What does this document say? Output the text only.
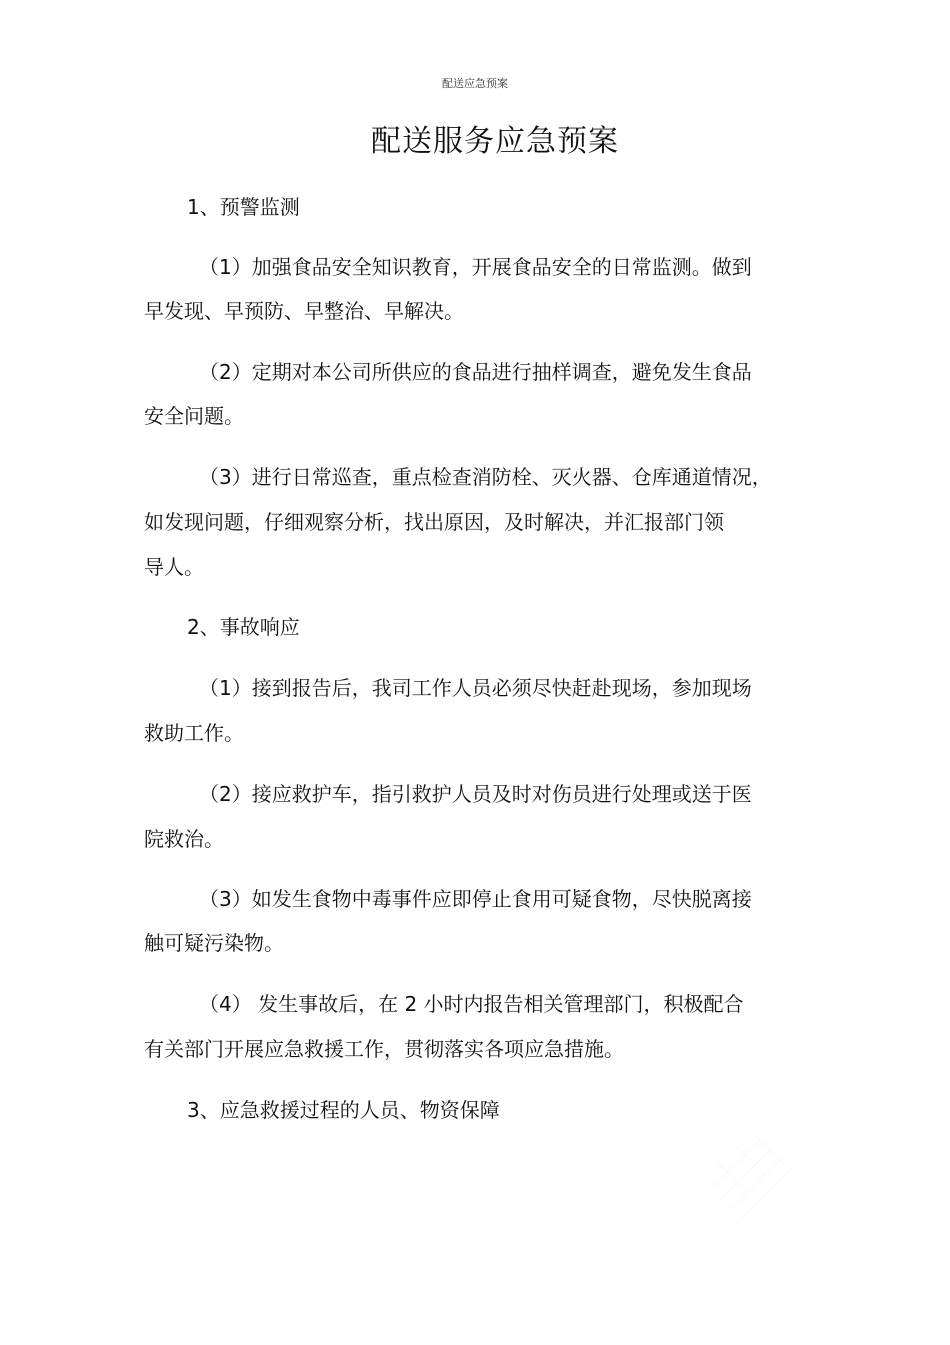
配送应急预案
配送服务应急预案
1、预警监测
（1）加强食品安全知识教育，开展食品安全的日常监测。做到
早发现、早预防、早整治、早解决。
（2）定期对本公司所供应的食品进行抽样调查，避免发生食品
安全问题。
（3）进行日常巡查，重点检查消防栓、灭火器、仓库通道情况，
如发现问题，仔细观察分析，找出原因，及时解决，并汇报部门领
导人。
2、事故响应
（1）接到报告后，我司工作人员必须尽快赶赴现场，参加现场
救助工作。
（2）接应救护车，指引救护人员及时对伤员进行处理或送于医
院救治。
（3）如发生食物中毒事件应即停止食用可疑食物，尽快脱离接
触可疑污染物。
（4） 发生事故后，在 2 小时内报告相关管理部门，积极配合
有关部门开展应急救援工作，贯彻落实各项应急措施。
3、应急救援过程的人员、物资保障
